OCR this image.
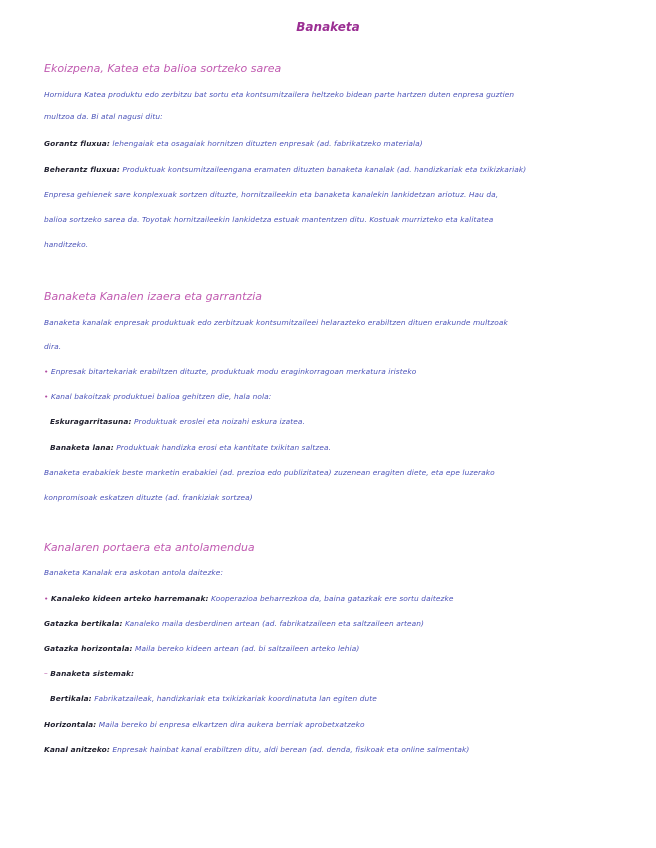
Banaketa
Ekoizpena, Katea eta balioa sortzeko sarea
Hornidura Katea produktu edo zerbitzu bat sortu eta kontsumitzailera heltzeko bidean parte hartzen duten enpresa guztien
multzoa da. Bi atal nagusi ditu:
Gorantz fluxua: lehengaiak eta osagaiak hornitzen dituzten enpresak (ad. fabrikatzeko materiala)
Beherantz fluxua: Produktuak kontsumitzaileengana eramaten dituzten banaketa kanalak (ad. handizkariak eta txikizkariak)
Enpresa gehienek sare konplexuak sortzen dituzte, hornitzaileekin eta banaketa kanalekin lankidetzan ariotuz. Hau da,
balioa sortzeko sarea da. Toyotak hornitzaileekin lankidetza estuak mantentzen ditu. Kostuak murrizteko eta kalitatea
handitzeko.
Banaketa Kanalen izaera eta garrantzia
Banaketa kanalak enpresak produktuak edo zerbitzuak kontsumitzaileei helarazteko erabiltzen dituen erakunde multzoak
dira.
• Enpresak bitartekariak erabiltzen dituzte, produktuak modu eraginkorragoan merkatura iristeko
• Kanal bakoitzak produktuei balioa gehitzen die, hala nola:
Eskuragarritasuna: Produktuak eroslei eta noizahi eskura izatea.
Banaketa lana: Produktuak handizka erosi eta kantitate txikitan saltzea.
Banaketa erabakiek beste marketin erabakiei (ad. prezioa edo publizitatea) zuzenean eragiten diete, eta epe luzerako
konpromisoak eskatzen dituzte (ad. frankiziak sortzea)
Kanalaren portaera eta antolamendua
Banaketa Kanalak era askotan antola daitezke:
• Kanaleko kideen arteko harremanak: Kooperazioa beharrezkoa da, baina gatazkak ere sortu daitezke
Gatazka bertikala: Kanaleko maila desberdinen artean (ad. fabrikatzaileen eta saltzaileen artean)
Gatazka horizontala: Maila bereko kideen artean (ad. bi saltzaileen arteko lehia)
– Banaketa sistemak:
Bertikala: Fabrikatzaileak, handizkariak eta txikizkariak koordinatuta lan egiten dute
Horizontala: Maila bereko bi enpresa elkartzen dira aukera berriak aprobetxatzeko
Kanal anitzeko: Enpresak hainbat kanal erabiltzen ditu, aldi berean (ad. denda, fisikoak eta online salmentak)
